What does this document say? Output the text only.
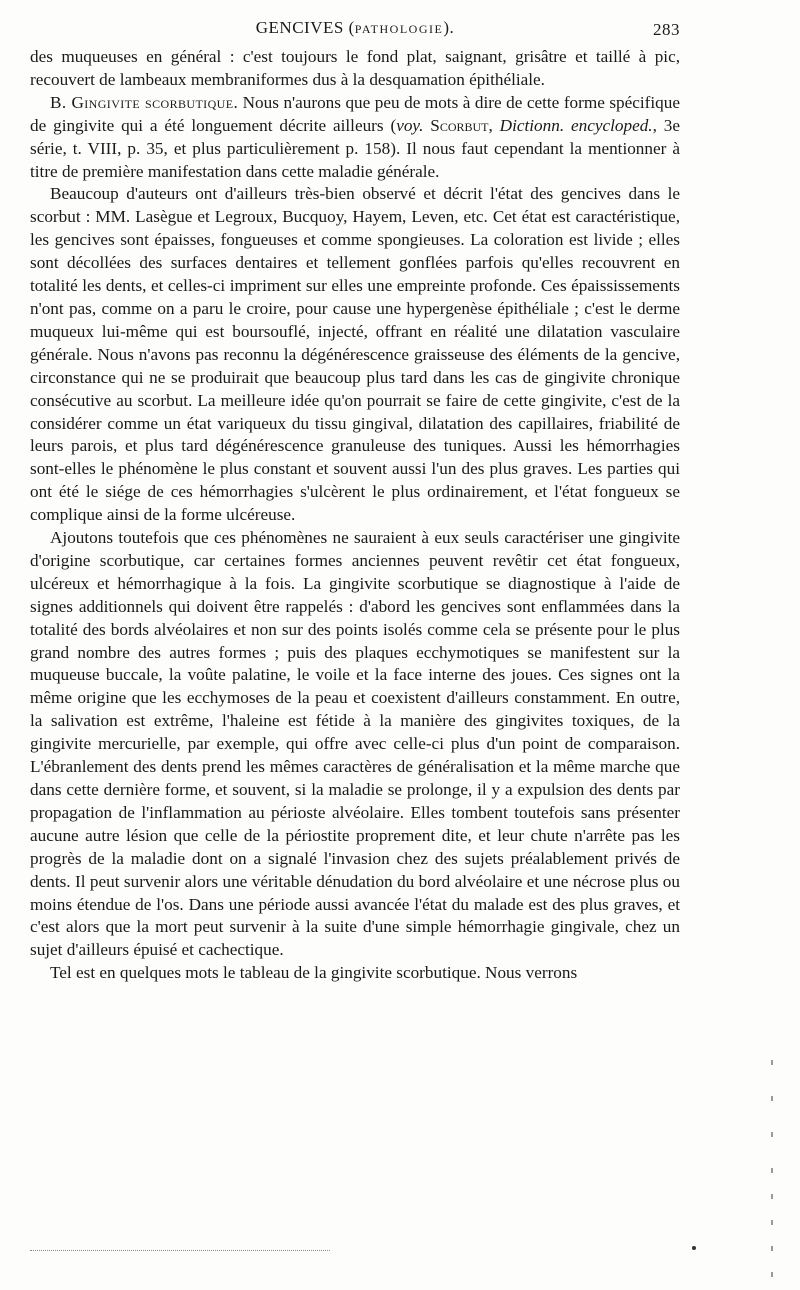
GENCIVES (PATHOLOGIE).	283

des muqueuses en général : c'est toujours le fond plat, saignant, grisâtre et taillé à pic, recouvert de lambeaux membraniformes dus à la desquamation épithéliale.

B. Gingivite scorbutique. Nous n'aurons que peu de mots à dire de cette forme spécifique de gingivite qui a été longuement décrite ailleurs (voy. Scorbut, Dictionn. encycloped., 3e série, t. VIII, p. 35, et plus particulièrement p. 158). Il nous faut cependant la mentionner à titre de première manifestation dans cette maladie générale.

Beaucoup d'auteurs ont d'ailleurs très-bien observé et décrit l'état des gencives dans le scorbut : MM. Lasègue et Legroux, Bucquoy, Hayem, Leven, etc. Cet état est caractéristique, les gencives sont épaisses, fongueuses et comme spongieuses. La coloration est livide ; elles sont décollées des surfaces dentaires et tellement gonflées parfois qu'elles recouvrent en totalité les dents, et celles-ci impriment sur elles une empreinte profonde. Ces épaississements n'ont pas, comme on a paru le croire, pour cause une hypergenèse épithéliale ; c'est le derme muqueux lui-même qui est boursouflé, injecté, offrant en réalité une dilatation vasculaire générale. Nous n'avons pas reconnu la dégénérescence graisseuse des éléments de la gencive, circonstance qui ne se produirait que beaucoup plus tard dans les cas de gingivite chronique consécutive au scorbut. La meilleure idée qu'on pourrait se faire de cette gingivite, c'est de la considérer comme un état variqueux du tissu gingival, dilatation des capillaires, friabilité de leurs parois, et plus tard dégénérescence granuleuse des tuniques. Aussi les hémorrhagies sont-elles le phénomène le plus constant et souvent aussi l'un des plus graves. Les parties qui ont été le siége de ces hémorrhagies s'ulcèrent le plus ordinairement, et l'état fongueux se complique ainsi de la forme ulcéreuse.

Ajoutons toutefois que ces phénomènes ne sauraient à eux seuls caractériser une gingivite d'origine scorbutique, car certaines formes anciennes peuvent revêtir cet état fongueux, ulcéreux et hémorrhagique à la fois. La gingivite scorbutique se diagnostique à l'aide de signes additionnels qui doivent être rappelés : d'abord les gencives sont enflammées dans la totalité des bords alvéolaires et non sur des points isolés comme cela se présente pour le plus grand nombre des autres formes ; puis des plaques ecchymotiques se manifestent sur la muqueuse buccale, la voûte palatine, le voile et la face interne des joues. Ces signes ont la même origine que les ecchymoses de la peau et coexistent d'ailleurs constamment. En outre, la salivation est extrême, l'haleine est fétide à la manière des gingivites toxiques, de la gingivite mercurielle, par exemple, qui offre avec celle-ci plus d'un point de comparaison. L'ébranlement des dents prend les mêmes caractères de généralisation et la même marche que dans cette dernière forme, et souvent, si la maladie se prolonge, il y a expulsion des dents par propagation de l'inflammation au périoste alvéolaire. Elles tombent toutefois sans présenter aucune autre lésion que celle de la périostite proprement dite, et leur chute n'arrête pas les progrès de la maladie dont on a signalé l'invasion chez des sujets préalablement privés de dents. Il peut survenir alors une véritable dénudation du bord alvéolaire et une nécrose plus ou moins étendue de l'os. Dans une période aussi avancée l'état du malade est des plus graves, et c'est alors que la mort peut survenir à la suite d'une simple hémorrhagie gingivale, chez un sujet d'ailleurs épuisé et cachectique.

Tel est en quelques mots le tableau de la gingivite scorbutique. Nous verrons
